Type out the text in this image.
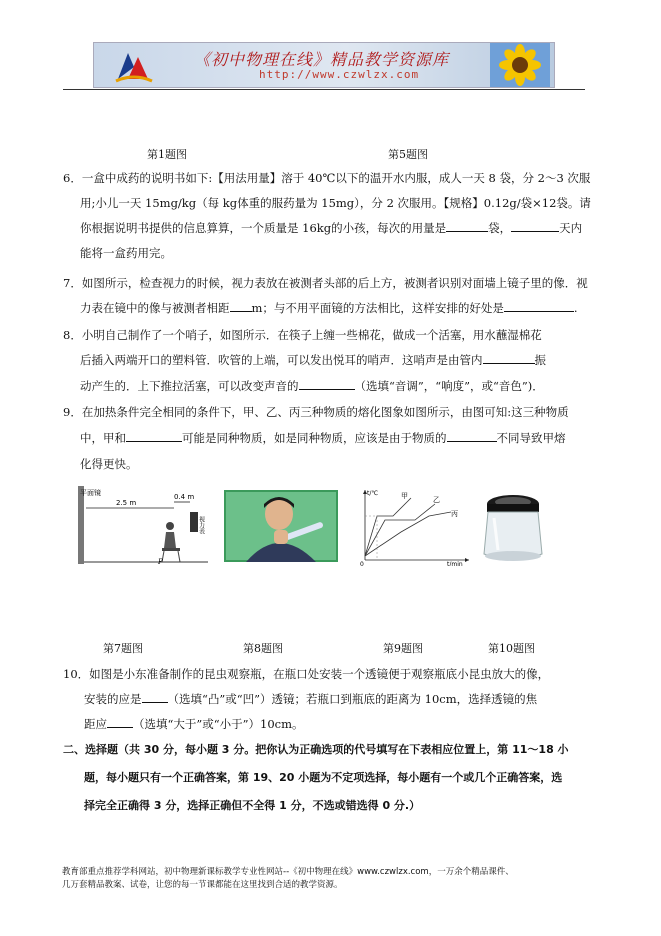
《初中物理在线》精品教学资源库
http://www.czwlzx.com
第1题图	第5题图
6．一盒中成药的说明书如下:【用法用量】溶于 40℃以下的温开水内服，成人一天 8 袋，分 2～3 次服
用;小儿一天 15mg/kg（每 kg体重的服药量为 15mg），分 2 次服用。【规格】0.12g/袋×12袋。请
你根据说明书提供的信息算算，一个质量是 16kg的小孩，每次的用量是	袋，	天内
能将一盒药用完。
7．如图所示，检查视力的时候，视力表放在被测者头部的后上方，被测者识别对面墙上镜子里的像．视
力表在镜中的像与被测者相距 m；与不用平面镜的方法相比，这样安排的好处是	.
8．小明自己制作了一个哨子，如图所示．在筷子上缠一些棉花，做成一个活塞，用水蘸湿棉花
后插入两端开口的塑料管．吹管的上端，可以发出悦耳的哨声．这哨声是由管内	振
动产生的．上下推拉活塞，可以改变声音的	（选填“音调”，“响度”，或“音色”)．
9．在加热条件完全相同的条件下，甲、乙、丙三种物质的熔化图象如图所示，由图可知:这三种物质
中，甲和	可能是同种物质，如是同种物质，应该是由于物质的	不同导致甲熔
化得更快。
平面镜
2.5 m
0.4 m
视力表
P
t/℃
t/min
0
甲	乙
丙
第7题图	第8题图	第9题图	第10题图
10．如图是小东准备制作的昆虫观察瓶，在瓶口处安装一个透镜便于观察瓶底小昆虫放大的像，
安装的应是 （选填“凸”或“凹”）透镜；若瓶口到瓶底的距离为 10cm，选择透镜的焦
距应 （选填“大于”或“小于”）10cm。
二、选择题（共 30 分，每小题 3 分。把你认为正确选项的代号填写在下表相应位置上，第 11～18 小
题，每小题只有一个正确答案，第 19、20 小题为不定项选择，每小题有一个或几个正确答案，选
择完全正确得 3 分，选择正确但不全得 1 分，不选或错选得 0 分.）
教育部重点推荐学科网站，初中物理新课标教学专业性网站--《初中物理在线》www.czwlzx.com，一万余个精品课件、
几万套精品教案、试卷，让您的每一节课都能在这里找到合适的教学资源。
